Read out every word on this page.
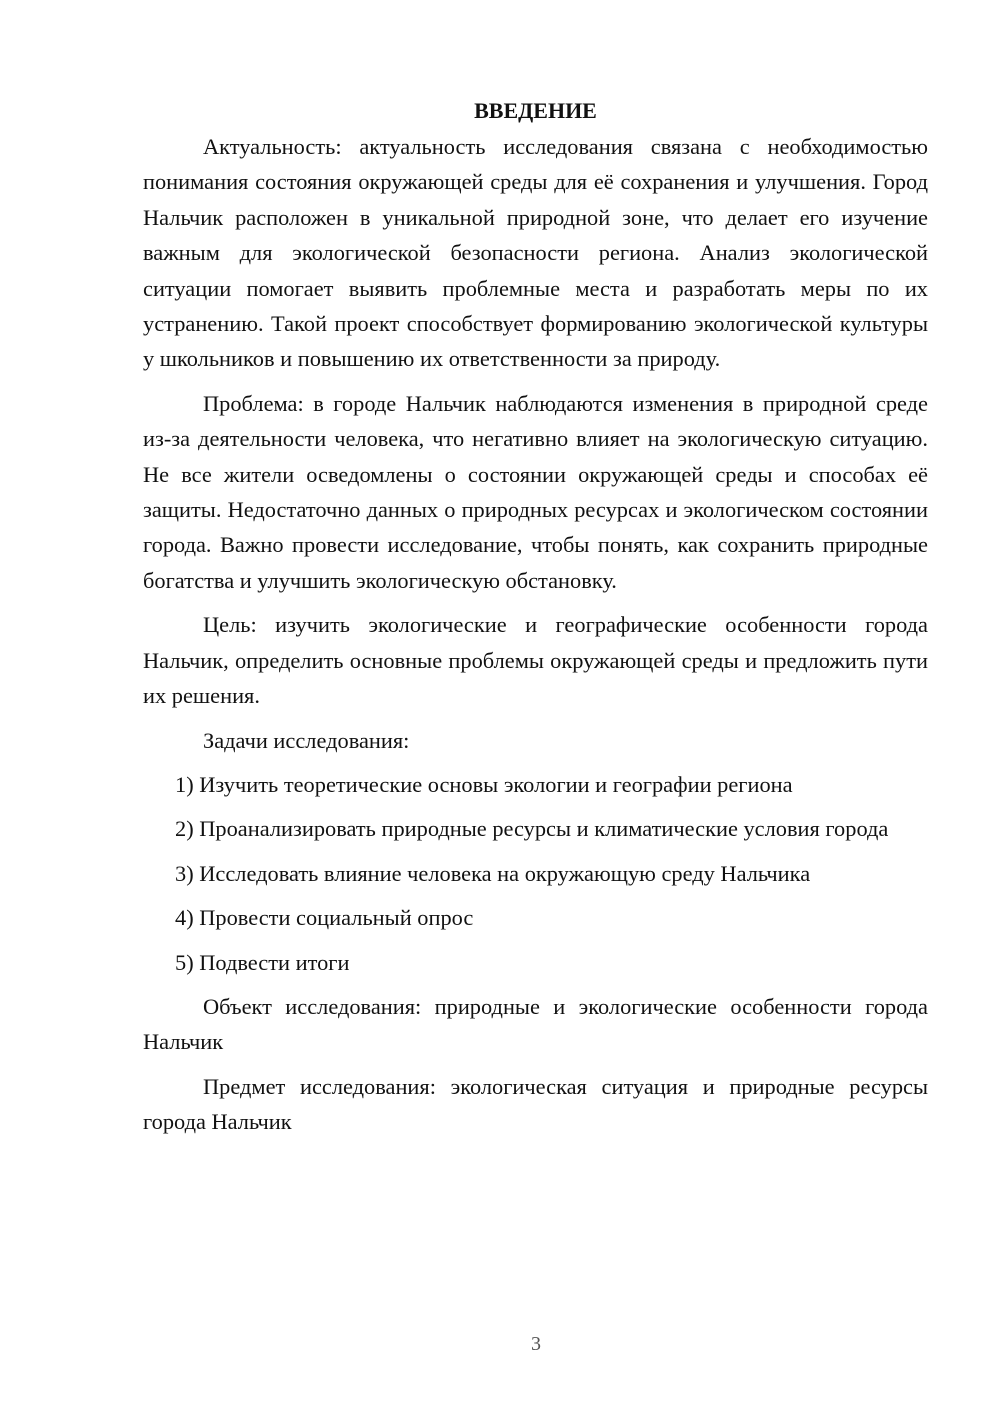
ВВЕДЕНИЕ

Актуальность: актуальность исследования связана с необходимостью понимания состояния окружающей среды для её сохранения и улучшения. Город Нальчик расположен в уникальной природной зоне, что делает его изучение важным для экологической безопасности региона. Анализ экологической ситуации помогает выявить проблемные места и разработать меры по их устранению. Такой проект способствует формированию экологической культуры у школьников и повышению их ответственности за природу.

Проблема: в городе Нальчик наблюдаются изменения в природной среде из-за деятельности человека, что негативно влияет на экологическую ситуацию. Не все жители осведомлены о состоянии окружающей среды и способах её защиты. Недостаточно данных о природных ресурсах и экологическом состоянии города. Важно провести исследование, чтобы понять, как сохранить природные богатства и улучшить экологическую обстановку.

Цель: изучить экологические и географические особенности города Нальчик, определить основные проблемы окружающей среды и предложить пути их решения.

Задачи исследования:

1) Изучить теоретические основы экологии и географии региона

2) Проанализировать природные ресурсы и климатические условия города

3) Исследовать влияние человека на окружающую среду Нальчика

4) Провести социальный опрос

5) Подвести итоги

Объект исследования: природные и экологические особенности города Нальчик

Предмет исследования: экологическая ситуация и природные ресурсы города Нальчик

3
